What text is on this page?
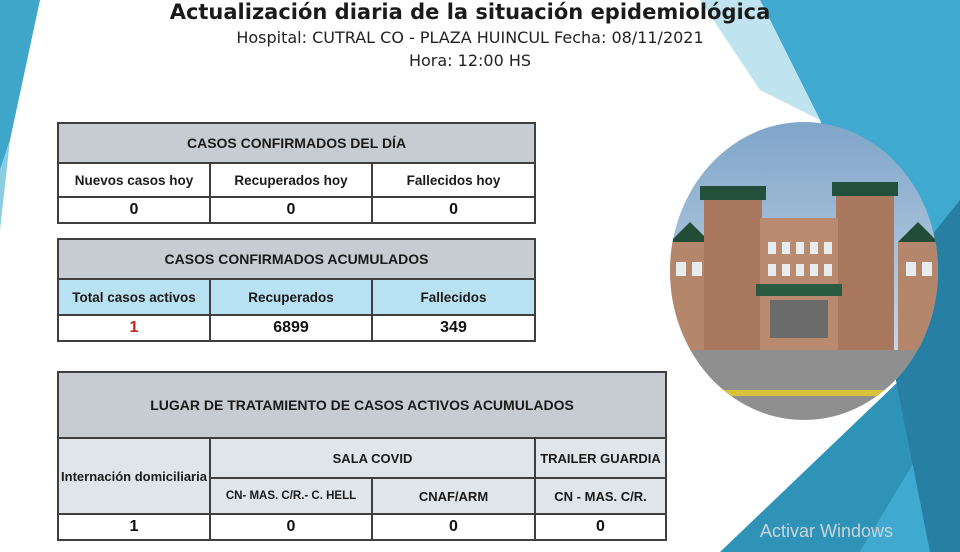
Actualización diaria de la situación epidemiológica
Hospital: CUTRAL CO - PLAZA HUINCUL Fecha: 08/11/2021
Hora: 12:00 HS
CASOS CONFIRMADOS DEL DÍA		
Nuevos casos hoy	Recuperados hoy	Fallecidos hoy
0	0	0
CASOS CONFIRMADOS ACUMULADOS		
Total casos activos	Recuperados	Fallecidos
1	6899	349
LUGAR DE TRATAMIENTO DE CASOS ACTIVOS ACUMULADOS			
Internación domiciliaria	SALA COVID		TRAILER GUARDIA
	CN- MAS. C/R.- C. HELL	CNAF/ARM	CN - MAS. C/R.
1	0	0	0	Activar Windows
